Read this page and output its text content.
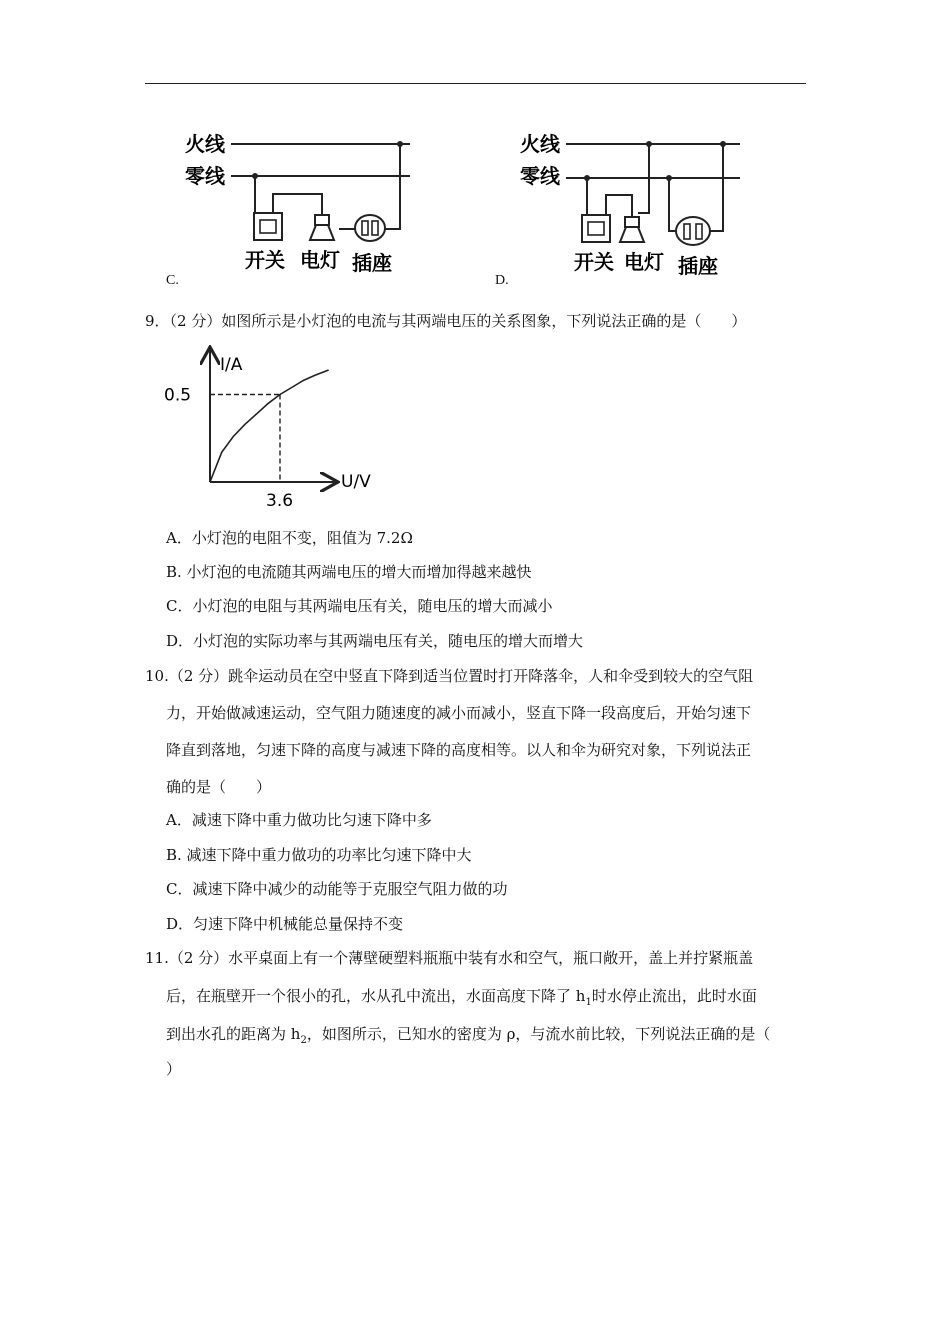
火线
零线
开关 电灯 插座
C.
火线
零线
开关 电灯 插座
D.
9．（2 分）如图所示是小灯泡的电流与其两端电压的关系图象，下列说法正确的是（　　）
I/A
U/V
0.5
3.6
A．小灯泡的电阻不变，阻值为 7.2Ω
B. 小灯泡的电流随其两端电压的增大而增加得越来越快
C．小灯泡的电阻与其两端电压有关，随电压的增大而减小
D．小灯泡的实际功率与其两端电压有关，随电压的增大而增大
10.（2 分）跳伞运动员在空中竖直下降到适当位置时打开降落伞，人和伞受到较大的空气阻
力，开始做减速运动，空气阻力随速度的减小而减小，竖直下降一段高度后，开始匀速下
降直到落地，匀速下降的高度与减速下降的高度相等。以人和伞为研究对象，下列说法正
确的是（　　）
A．减速下降中重力做功比匀速下降中多
B. 减速下降中重力做功的功率比匀速下降中大
C．减速下降中减少的动能等于克服空气阻力做的功
D．匀速下降中机械能总量保持不变
11.（2 分）水平桌面上有一个薄壁硬塑料瓶瓶中装有水和空气，瓶口敞开，盖上并拧紧瓶盖
后，在瓶壁开一个很小的孔，水从孔中流出，水面高度下降了 $h_1$时水停止流出，此时水面
到出水孔的距离为 $h_2$，如图所示，已知水的密度为 ρ，与流水前比较，下列说法正确的是（
）
